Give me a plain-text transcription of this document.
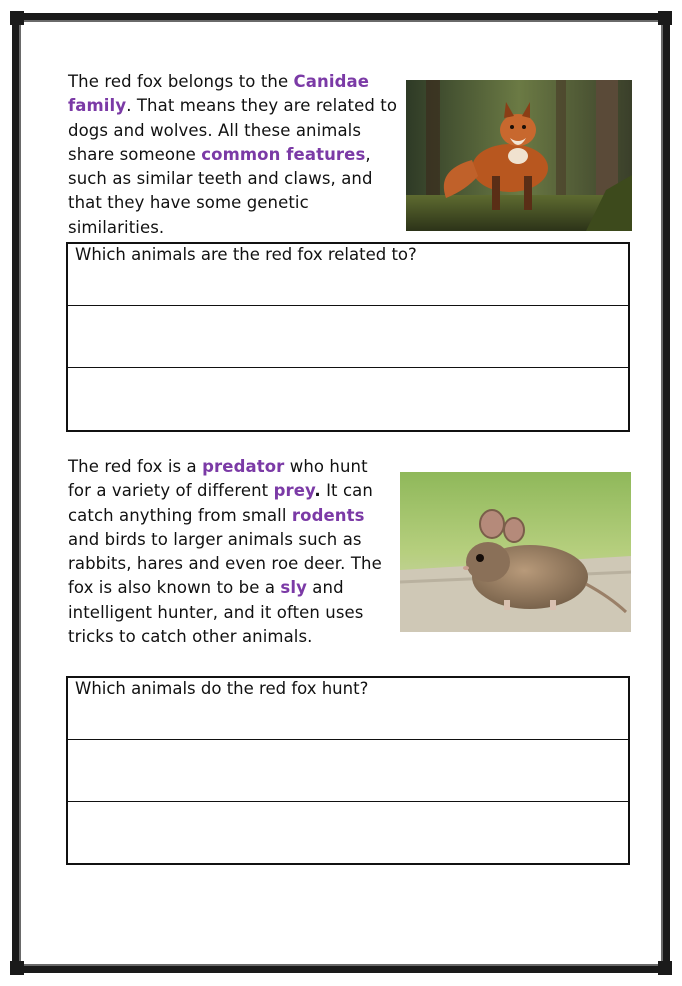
The red fox belongs to the Canidae family. That means they are related to dogs and wolves. All these animals share someone common features, such as similar teeth and claws, and that they have some genetic similarities.

Which animals are the red fox related to?

The red fox is a predator who hunt for a variety of different prey. It can catch anything from small rodents and birds to larger animals such as rabbits, hares and even roe deer. The fox is also known to be a sly and intelligent hunter, and it often uses tricks to catch other animals.

Which animals do the red fox hunt?
